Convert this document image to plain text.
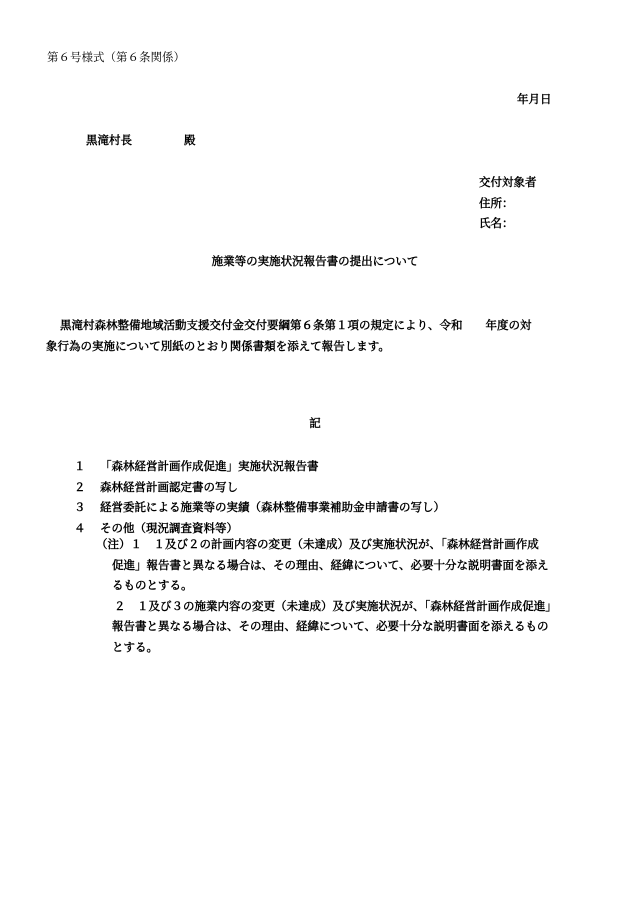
第６号様式（第６条関係）
年月日
黒滝村長	殿
交付対象者
住所：
氏名：
施業等の実施状況報告書の提出について
黒滝村森林整備地域活動支援交付金交付要綱第６条第１項の規定により、令和　　年度の対
象行為の実施について別紙のとおり関係書類を添えて報告します。
記
１	「森林経営計画作成促進」実施状況報告書
２	森林経営計画認定書の写し
３	経営委託による施業等の実績（森林整備事業補助金申請書の写し）
４	その他（現況調査資料等）
（注）１　１及び２の計画内容の変更（未達成）及び実施状況が、「森林経営計画作成
促進」報告書と異なる場合は、その理由、経緯について、必要十分な説明書面を添え
るものとする。
２　１及び３の施業内容の変更（未達成）及び実施状況が、「森林経営計画作成促進」
報告書と異なる場合は、その理由、経緯について、必要十分な説明書面を添えるもの
とする。
